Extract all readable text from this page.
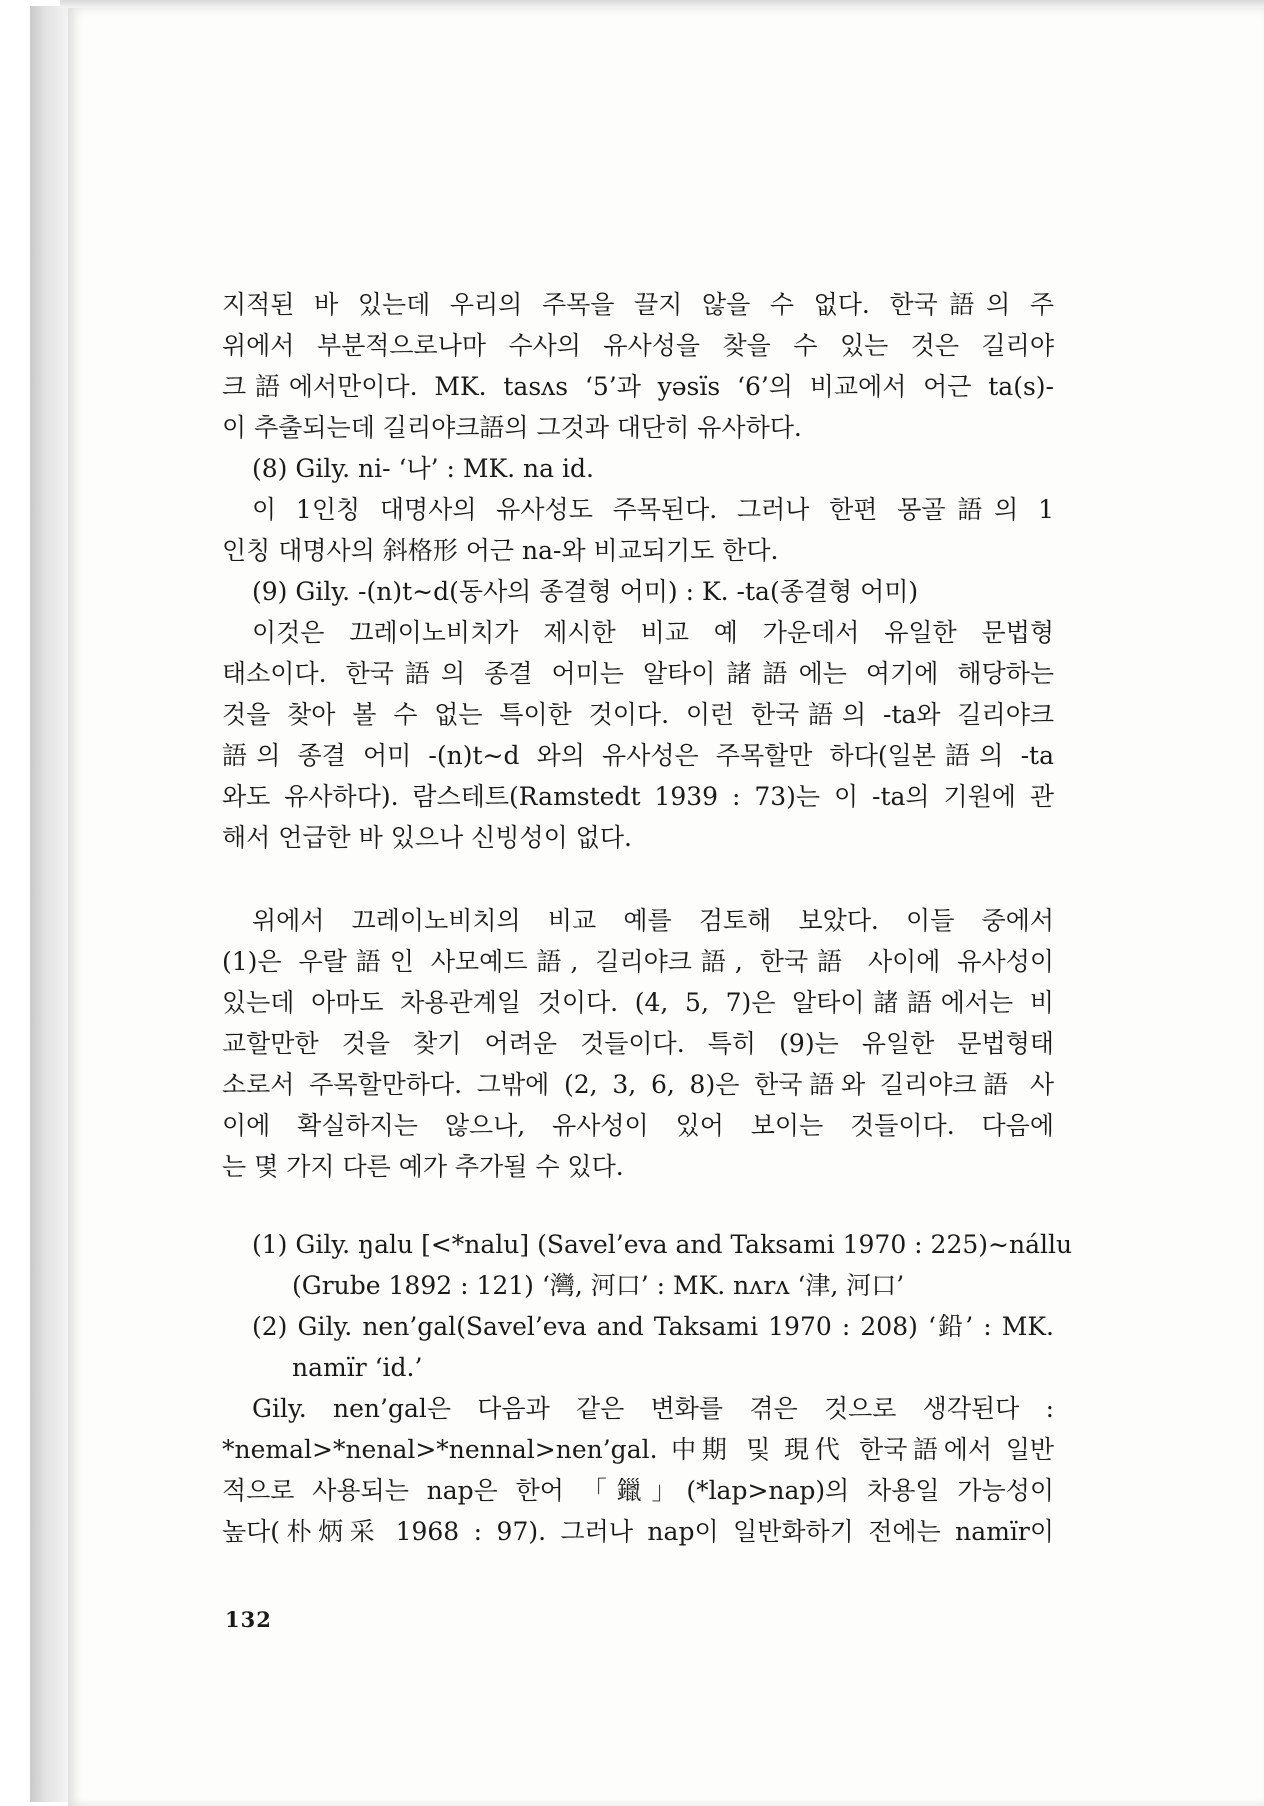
지적된 바 있는데 우리의 주목을 끌지 않을 수 없다. 한국語의 주
위에서 부분적으로나마 수사의 유사성을 찾을 수 있는 것은 길리야
크語에서만이다. MK. tasʌs ‘5’과 yəsïs ‘6’의 비교에서 어근 ta(s)-
이 추출되는데 길리야크語의 그것과 대단히 유사하다.
(8) Gily. ni- ‘나’ : MK. na id.
이 1인칭 대명사의 유사성도 주목된다. 그러나 한편 몽골語의 1
인칭 대명사의 斜格形 어근 na-와 비교되기도 한다.
(9) Gily. -(n)t∼d(동사의 종결형 어미) : K. -ta(종결형 어미)
이것은 끄레이노비치가 제시한 비교 예 가운데서 유일한 문법형
태소이다. 한국語의 종결 어미는 알타이諸語에는 여기에 해당하는
것을 찾아 볼 수 없는 특이한 것이다. 이런 한국語의 -ta와 길리야크
語의 종결 어미 -(n)t∼d 와의 유사성은 주목할만 하다(일본語의 -ta
와도 유사하다). 람스테트(Ramstedt 1939 : 73)는 이 -ta의 기원에 관
해서 언급한 바 있으나 신빙성이 없다.
위에서 끄레이노비치의 비교 예를 검토해 보았다. 이들 중에서
(1)은 우랄語인 사모예드語, 길리야크語, 한국語 사이에 유사성이
있는데 아마도 차용관계일 것이다. (4, 5, 7)은 알타이諸語에서는 비
교할만한 것을 찾기 어려운 것들이다. 특히 (9)는 유일한 문법형태
소로서 주목할만하다. 그밖에 (2, 3, 6, 8)은 한국語와 길리야크語 사
이에 확실하지는 않으나, 유사성이 있어 보이는 것들이다. 다음에
는 몇 가지 다른 예가 추가될 수 있다.
(1) Gily. ŋalu [<*nalu] (Savel’eva and Taksami 1970 : 225)∼nállu
(Grube 1892 : 121) ‘灣, 河口’ : MK. nʌrʌ ‘津, 河口’
(2) Gily. nen’gal(Savel’eva and Taksami 1970 : 208) ‘鉛’ : MK.
namïr ‘id.’
Gily. nen’gal은 다음과 같은 변화를 겪은 것으로 생각된다 :
*nemal>*nenal>*nennal>nen’gal. 中期 및 現代 한국語에서 일반
적으로 사용되는 nap은 한어 「鑞」(*lap>nap)의 차용일 가능성이
높다(朴炳采 1968 : 97). 그러나 nap이 일반화하기 전에는 namïr이
132
